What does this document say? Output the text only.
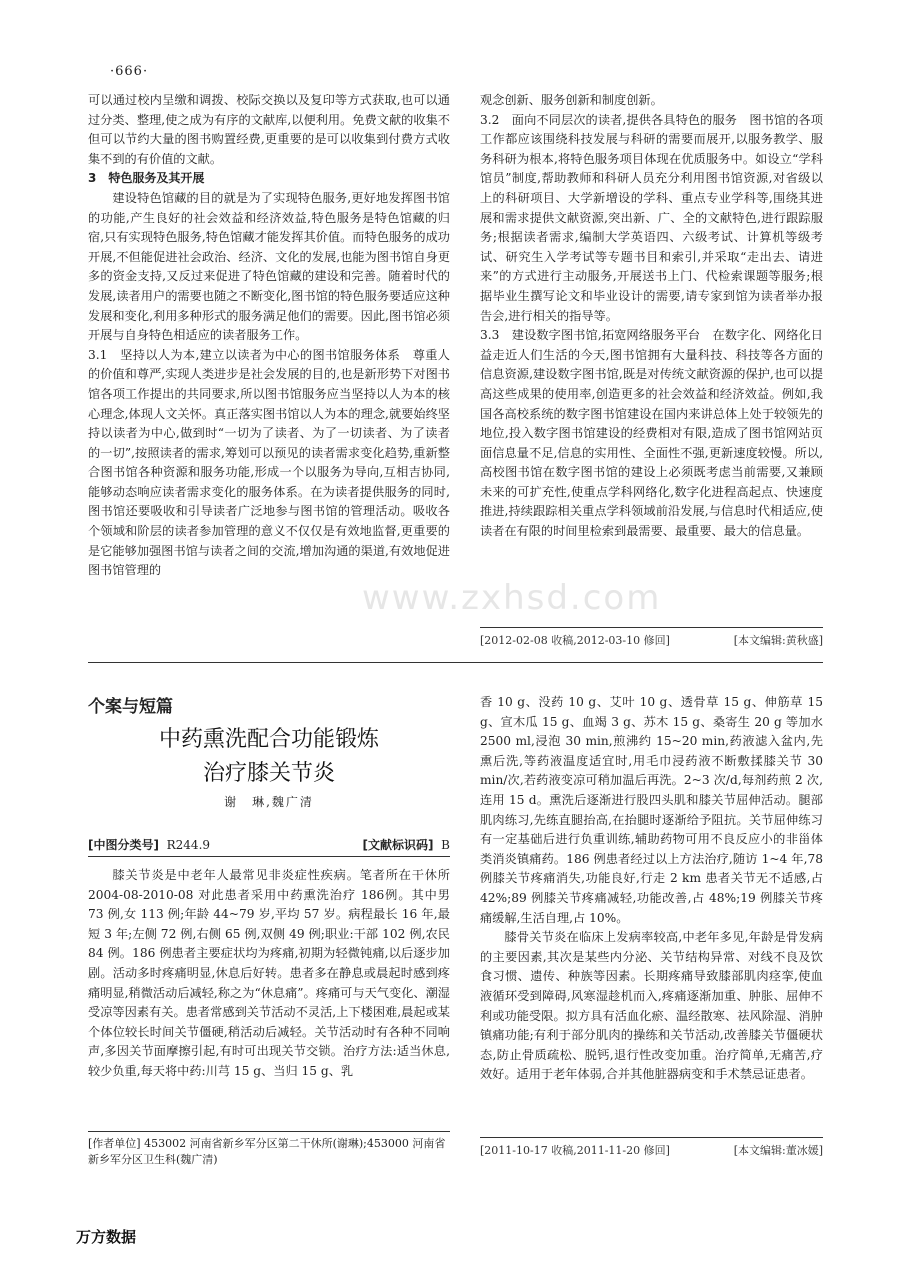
·666·

可以通过校内呈缴和调拨、校际交换以及复印等方式获取,也可以通过分类、整理,使之成为有序的文献库,以便利用。免费文献的收集不但可以节约大量的图书购置经费,更重要的是可以收集到付费方式收集不到的有价值的文献。

3　特色服务及其开展

建设特色馆藏的目的就是为了实现特色服务,更好地发挥图书馆的功能,产生良好的社会效益和经济效益,特色服务是特色馆藏的归宿,只有实现特色服务,特色馆藏才能发挥其价值。而特色服务的成功开展,不但能促进社会政治、经济、文化的发展,也能为图书馆自身更多的资金支持,又反过来促进了特色馆藏的建设和完善。随着时代的发展,读者用户的需要也随之不断变化,图书馆的特色服务要适应这种发展和变化,利用多种形式的服务满足他们的需要。因此,图书馆必须开展与自身特色相适应的读者服务工作。

3.1　坚持以人为本,建立以读者为中心的图书馆服务体系　尊重人的价值和尊严,实现人类进步是社会发展的目的,也是新形势下对图书馆各项工作提出的共同要求,所以图书馆服务应当坚持以人为本的核心理念,体现人文关怀。真正落实图书馆以人为本的理念,就要始终坚持以读者为中心,做到时“一切为了读者、为了一切读者、为了读者的一切”,按照读者的需求,筹划可以预见的读者需求变化趋势,重新整合图书馆各种资源和服务功能,形成一个以服务为导向,互相吉协同,能够动态响应读者需求变化的服务体系。在为读者提供服务的同时,图书馆还要吸收和引导读者广泛地参与图书馆的管理活动。吸收各个领域和阶层的读者参加管理的意义不仅仅是有效地监督,更重要的是它能够加强图书馆与读者之间的交流,增加沟通的渠道,有效地促进图书馆管理的

观念创新、服务创新和制度创新。

3.2　面向不同层次的读者,提供各具特色的服务　图书馆的各项工作都应该围绕科技发展与科研的需要而展开,以服务教学、服务科研为根本,将特色服务项目体现在优质服务中。如设立“学科馆员”制度,帮助教师和科研人员充分利用图书馆资源,对省级以上的科研项目、大学新增设的学科、重点专业学科等,围绕其进展和需求提供文献资源,突出新、广、全的文献特色,进行跟踪服务;根据读者需求,编制大学英语四、六级考试、计算机等级考试、研究生入学考试等专题书目和索引,并采取“走出去、请进来”的方式进行主动服务,开展送书上门、代检索课题等服务;根据毕业生撰写论文和毕业设计的需要,请专家到馆为读者举办报告会,进行相关的指导等。

3.3　建设数字图书馆,拓宽网络服务平台　在数字化、网络化日益走近人们生活的今天,图书馆拥有大量科技、科技等各方面的信息资源,建设数字图书馆,既是对传统文献资源的保护,也可以提高这些成果的使用率,创造更多的社会效益和经济效益。例如,我国各高校系统的数字图书馆建设在国内来讲总体上处于较领先的地位,投入数字图书馆建设的经费相对有限,造成了图书馆网站页面信息量不足,信息的实用性、全面性不强,更新速度较慢。所以,高校图书馆在数字图书馆的建设上必须既考虑当前需要,又兼顾未来的可扩充性,使重点学科网络化,数字化进程高起点、快速度推进,持续跟踪相关重点学科领域前沿发展,与信息时代相适应,使读者在有限的时间里检索到最需要、最重要、最大的信息量。

[2012-02-08 收稿,2012-03-10 修回]	[本文编辑:黄秋盛]
个案与短篇
中药熏洗配合功能锻炼
治疗膝关节炎
谢　琳,魏广清
[中图分类号] R244.9	[文献标识码] B

膝关节炎是中老年人最常见非炎症性疾病。笔者所在干休所 2004-08-2010-08 对此患者采用中药熏洗治疗 186例。其中男 73 例,女 113 例;年龄 44~79 岁,平均 57 岁。病程最长 16 年,最短 3 年;左侧 72 例,右侧 65 例,双侧 49 例;职业:干部 102 例,农民 84 例。186 例患者主要症状均为疼痛,初期为轻微钝痛,以后逐步加剧。活动多时疼痛明显,休息后好转。患者多在静息或晨起时感到疼痛明显,稍微活动后减轻,称之为“休息痛”。疼痛可与天气变化、潮湿受凉等因素有关。患者常感到关节活动不灵活,上下楼困难,晨起或某个体位较长时间关节僵硬,稍活动后减轻。关节活动时有各种不同响声,多因关节面摩擦引起,有时可出现关节交锁。治疗方法:适当休息,较少负重,每天将中药:川芎 15 g、当归 15 g、乳

[作者单位] 453002 河南省新乡军分区第二干休所(谢琳);453000 河南省新乡军分区卫生科(魏广清)

香 10 g、没药 10 g、艾叶 10 g、透骨草 15 g、伸筋草 15 g、宣木瓜 15 g、血竭 3 g、苏木 15 g、桑寄生 20 g 等加水 2500 ml,浸泡 30 min,煎沸约 15~20 min,药液滤入盆内,先熏后洗,等药液温度适宜时,用毛巾浸药液不断敷揉膝关节 30 min/次,若药液变凉可稍加温后再洗。2~3 次/d,每剂药煎 2 次,连用 15 d。熏洗后逐渐进行股四头肌和膝关节屈伸活动。腿部肌肉练习,先练直腿抬高,在抬腿时逐渐给予阻抗。关节屈伸练习有一定基础后进行负重训练,辅助药物可用不良反应小的非甾体类消炎镇痛药。186 例患者经过以上方法治疗,随访 1~4 年,78 例膝关节疼痛消失,功能良好,行走 2 km 患者关节无不适感,占 42%;89 例膝关节疼痛减轻,功能改善,占 48%;19 例膝关节疼痛缓解,生活自理,占 10%。

膝骨关节炎在临床上发病率较高,中老年多见,年龄是骨发病的主要因素,其次是某些内分泌、关节结构异常、对线不良及饮食习惯、遗传、种族等因素。长期疼痛导致膝部肌肉痉挛,使血液循环受到障碍,风寒湿趁机而入,疼痛逐渐加重、肿胀、屈伸不利或功能受限。拟方具有活血化瘀、温经散寒、祛风除湿、消肿镇痛功能;有利于部分肌肉的操练和关节活动,改善膝关节僵硬状态,防止骨质疏松、脱钙,退行性改变加重。治疗简单,无痛苦,疗效好。适用于老年体弱,合并其他脏器病变和手术禁忌证患者。

[2011-10-17 收稿,2011-11-20 修回]	[本文编辑:董冰媛]
www.zxhsd.com
万方数据
